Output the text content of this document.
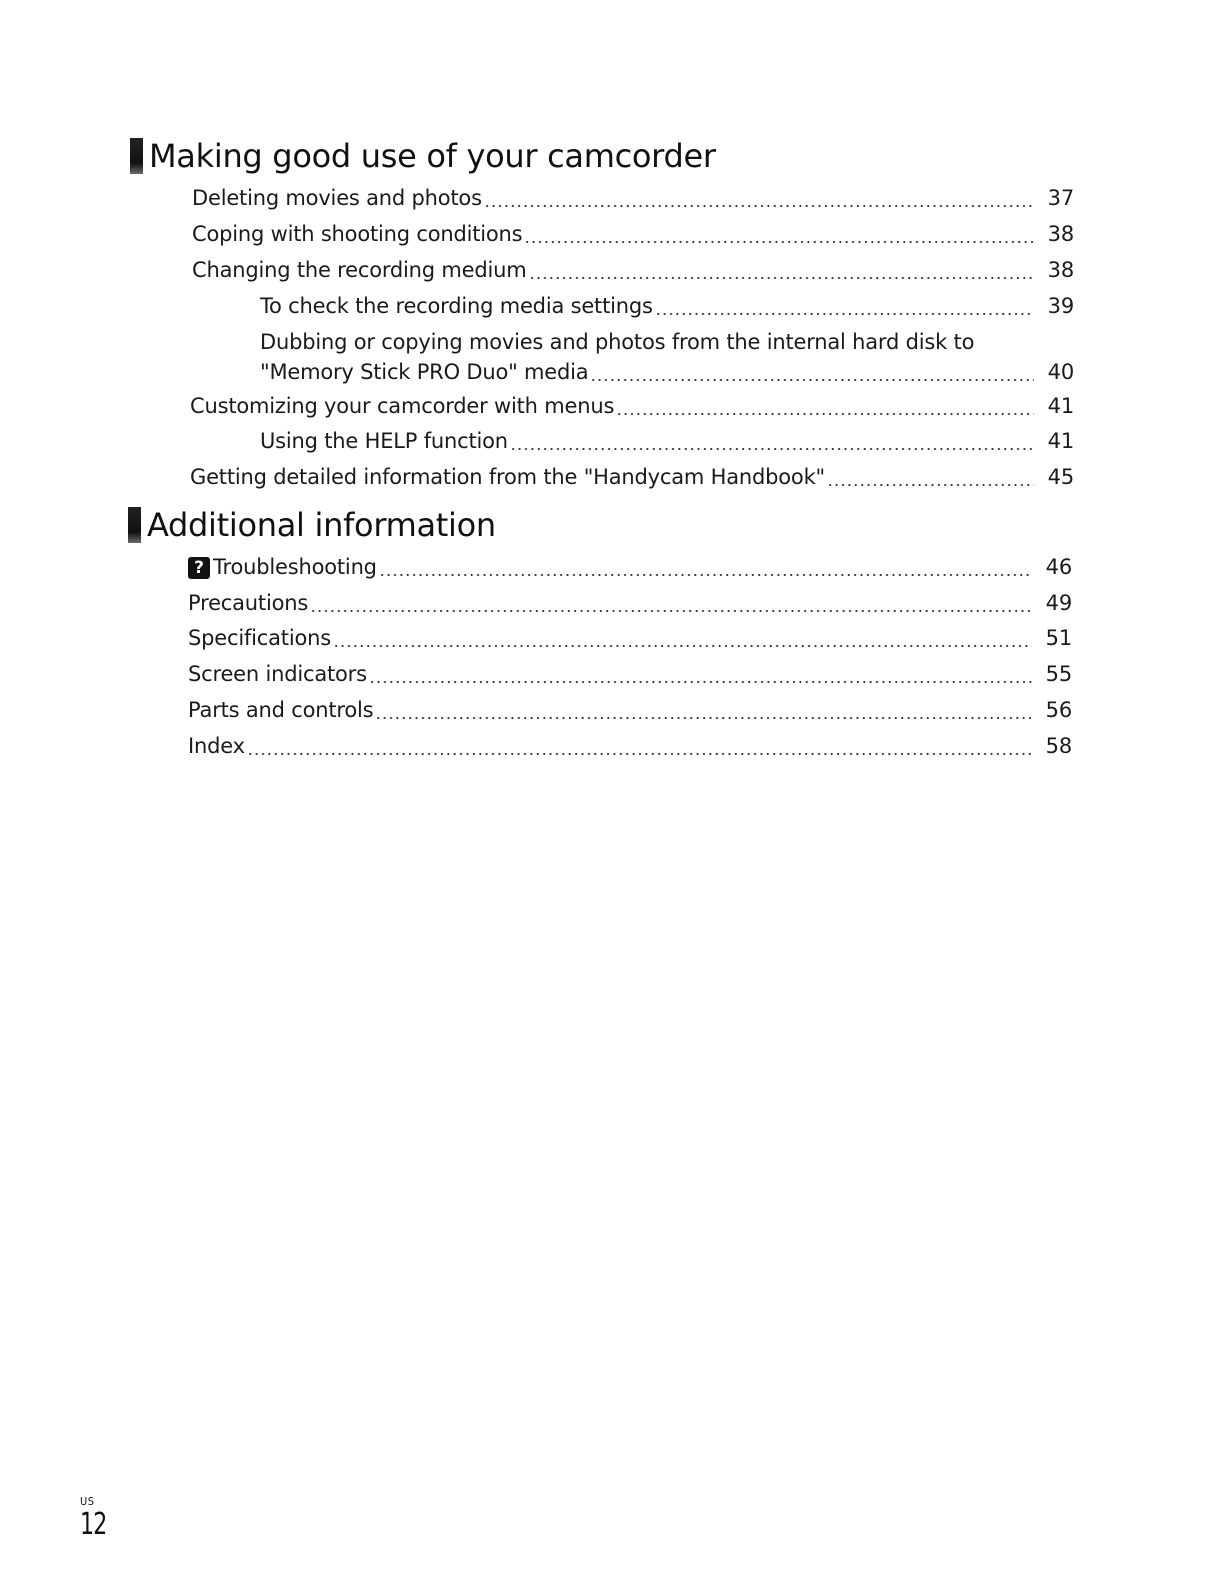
Making good use of your camcorder
Deleting movies and photos	37
Coping with shooting conditions	38
Changing the recording medium	38
To check the recording media settings	39
Dubbing or copying movies and photos from the internal hard disk to
"Memory Stick PRO Duo" media	40
Customizing your camcorder with menus	41
Using the HELP function	41
Getting detailed information from the "Handycam Handbook"	45
Additional information
? Troubleshooting	46
Precautions	49
Specifications	51
Screen indicators	55
Parts and controls	56
Index	58
US
12
